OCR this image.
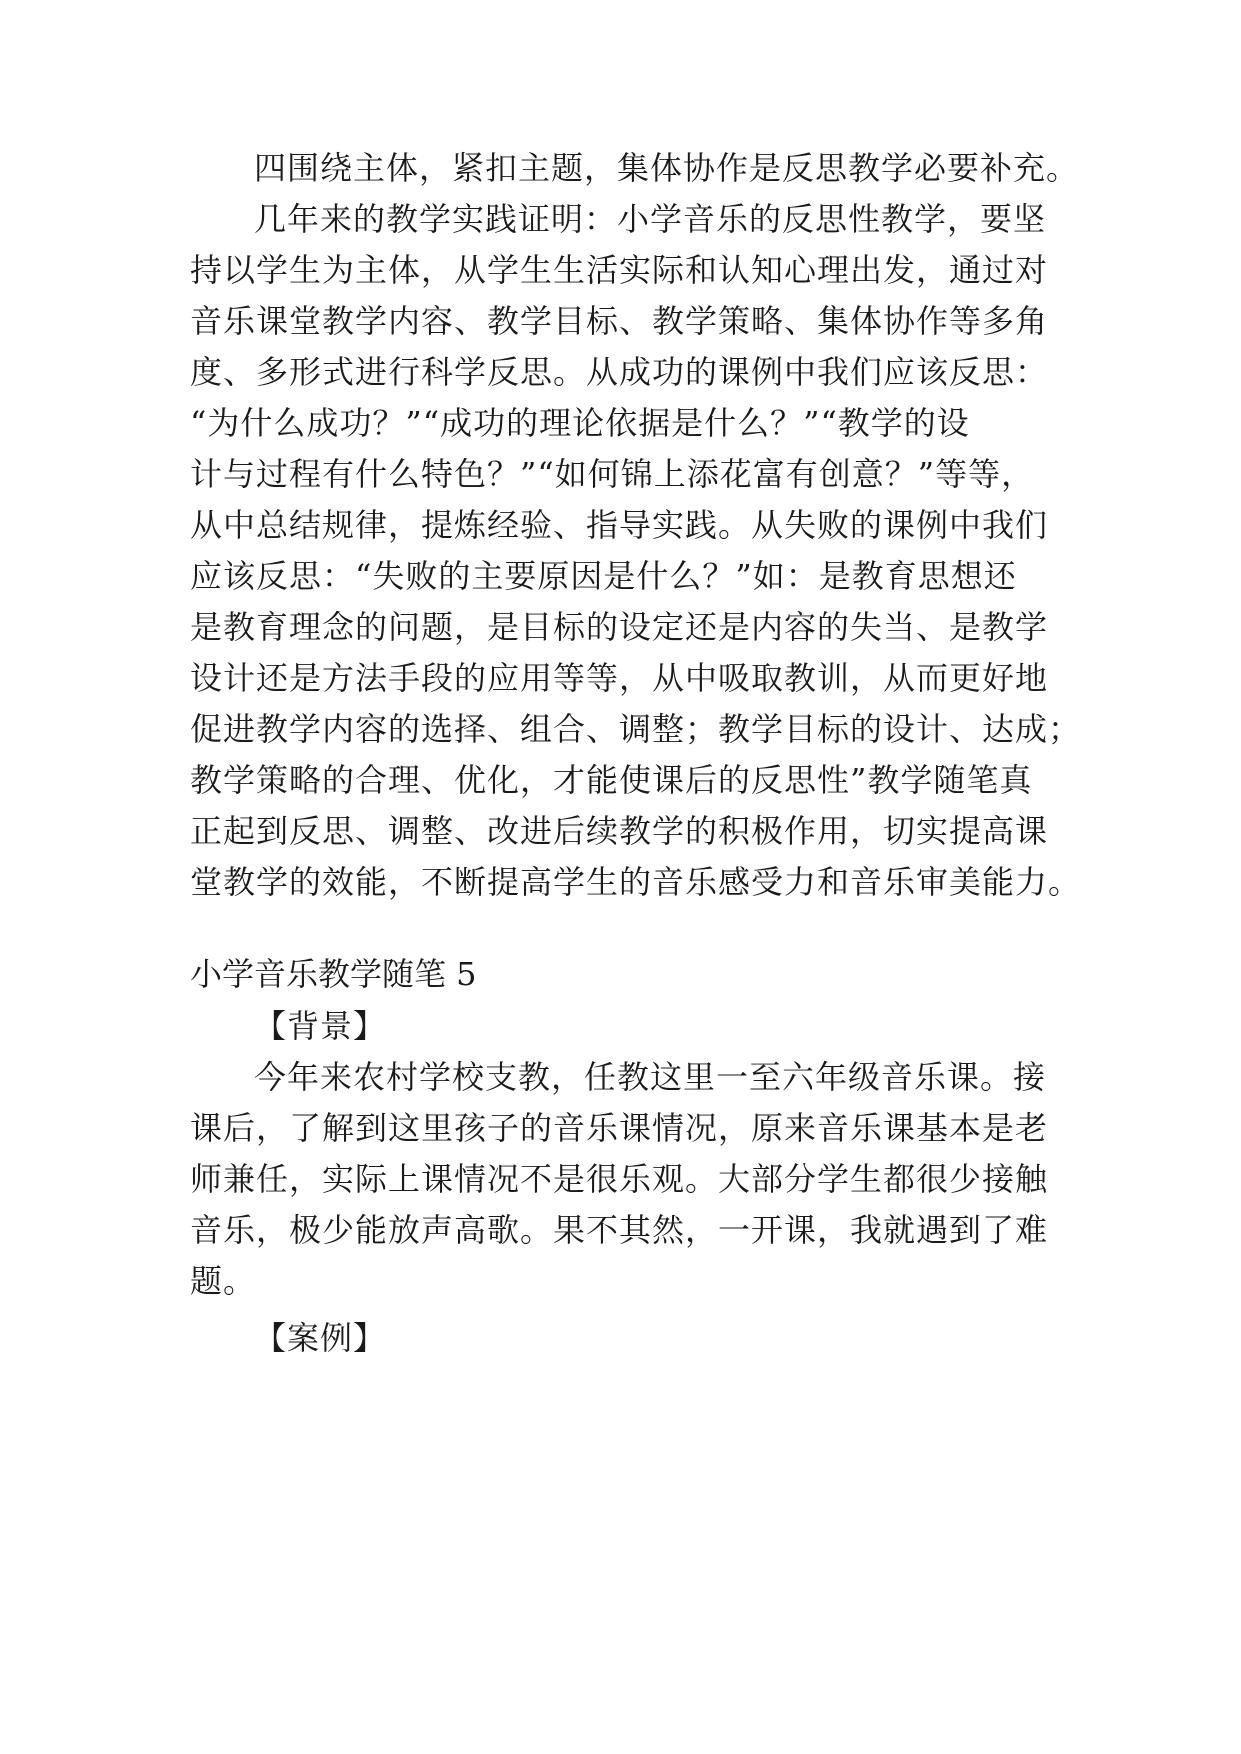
四围绕主体，紧扣主题，集体协作是反思教学必要补充。
几年来的教学实践证明：小学音乐的反思性教学，要坚
持以学生为主体，从学生生活实际和认知心理出发，通过对
音乐课堂教学内容、教学目标、教学策略、集体协作等多角
度、多形式进行科学反思。从成功的课例中我们应该反思：
“为什么成功？”“成功的理论依据是什么？”“教学的设
计与过程有什么特色？”“如何锦上添花富有创意？”等等，
从中总结规律，提炼经验、指导实践。从失败的课例中我们
应该反思：“失败的主要原因是什么？”如：是教育思想还
是教育理念的问题，是目标的设定还是内容的失当、是教学
设计还是方法手段的应用等等，从中吸取教训，从而更好地
促进教学内容的选择、组合、调整；教学目标的设计、达成；
教学策略的合理、优化，才能使课后的反思性”教学随笔真
正起到反思、调整、改进后续教学的积极作用，切实提高课
堂教学的效能，不断提高学生的音乐感受力和音乐审美能力。
小学音乐教学随笔 5
【背景】
今年来农村学校支教，任教这里一至六年级音乐课。接
课后，了解到这里孩子的音乐课情况，原来音乐课基本是老
师兼任，实际上课情况不是很乐观。大部分学生都很少接触
音乐，极少能放声高歌。果不其然，一开课，我就遇到了难
题。
【案例】
